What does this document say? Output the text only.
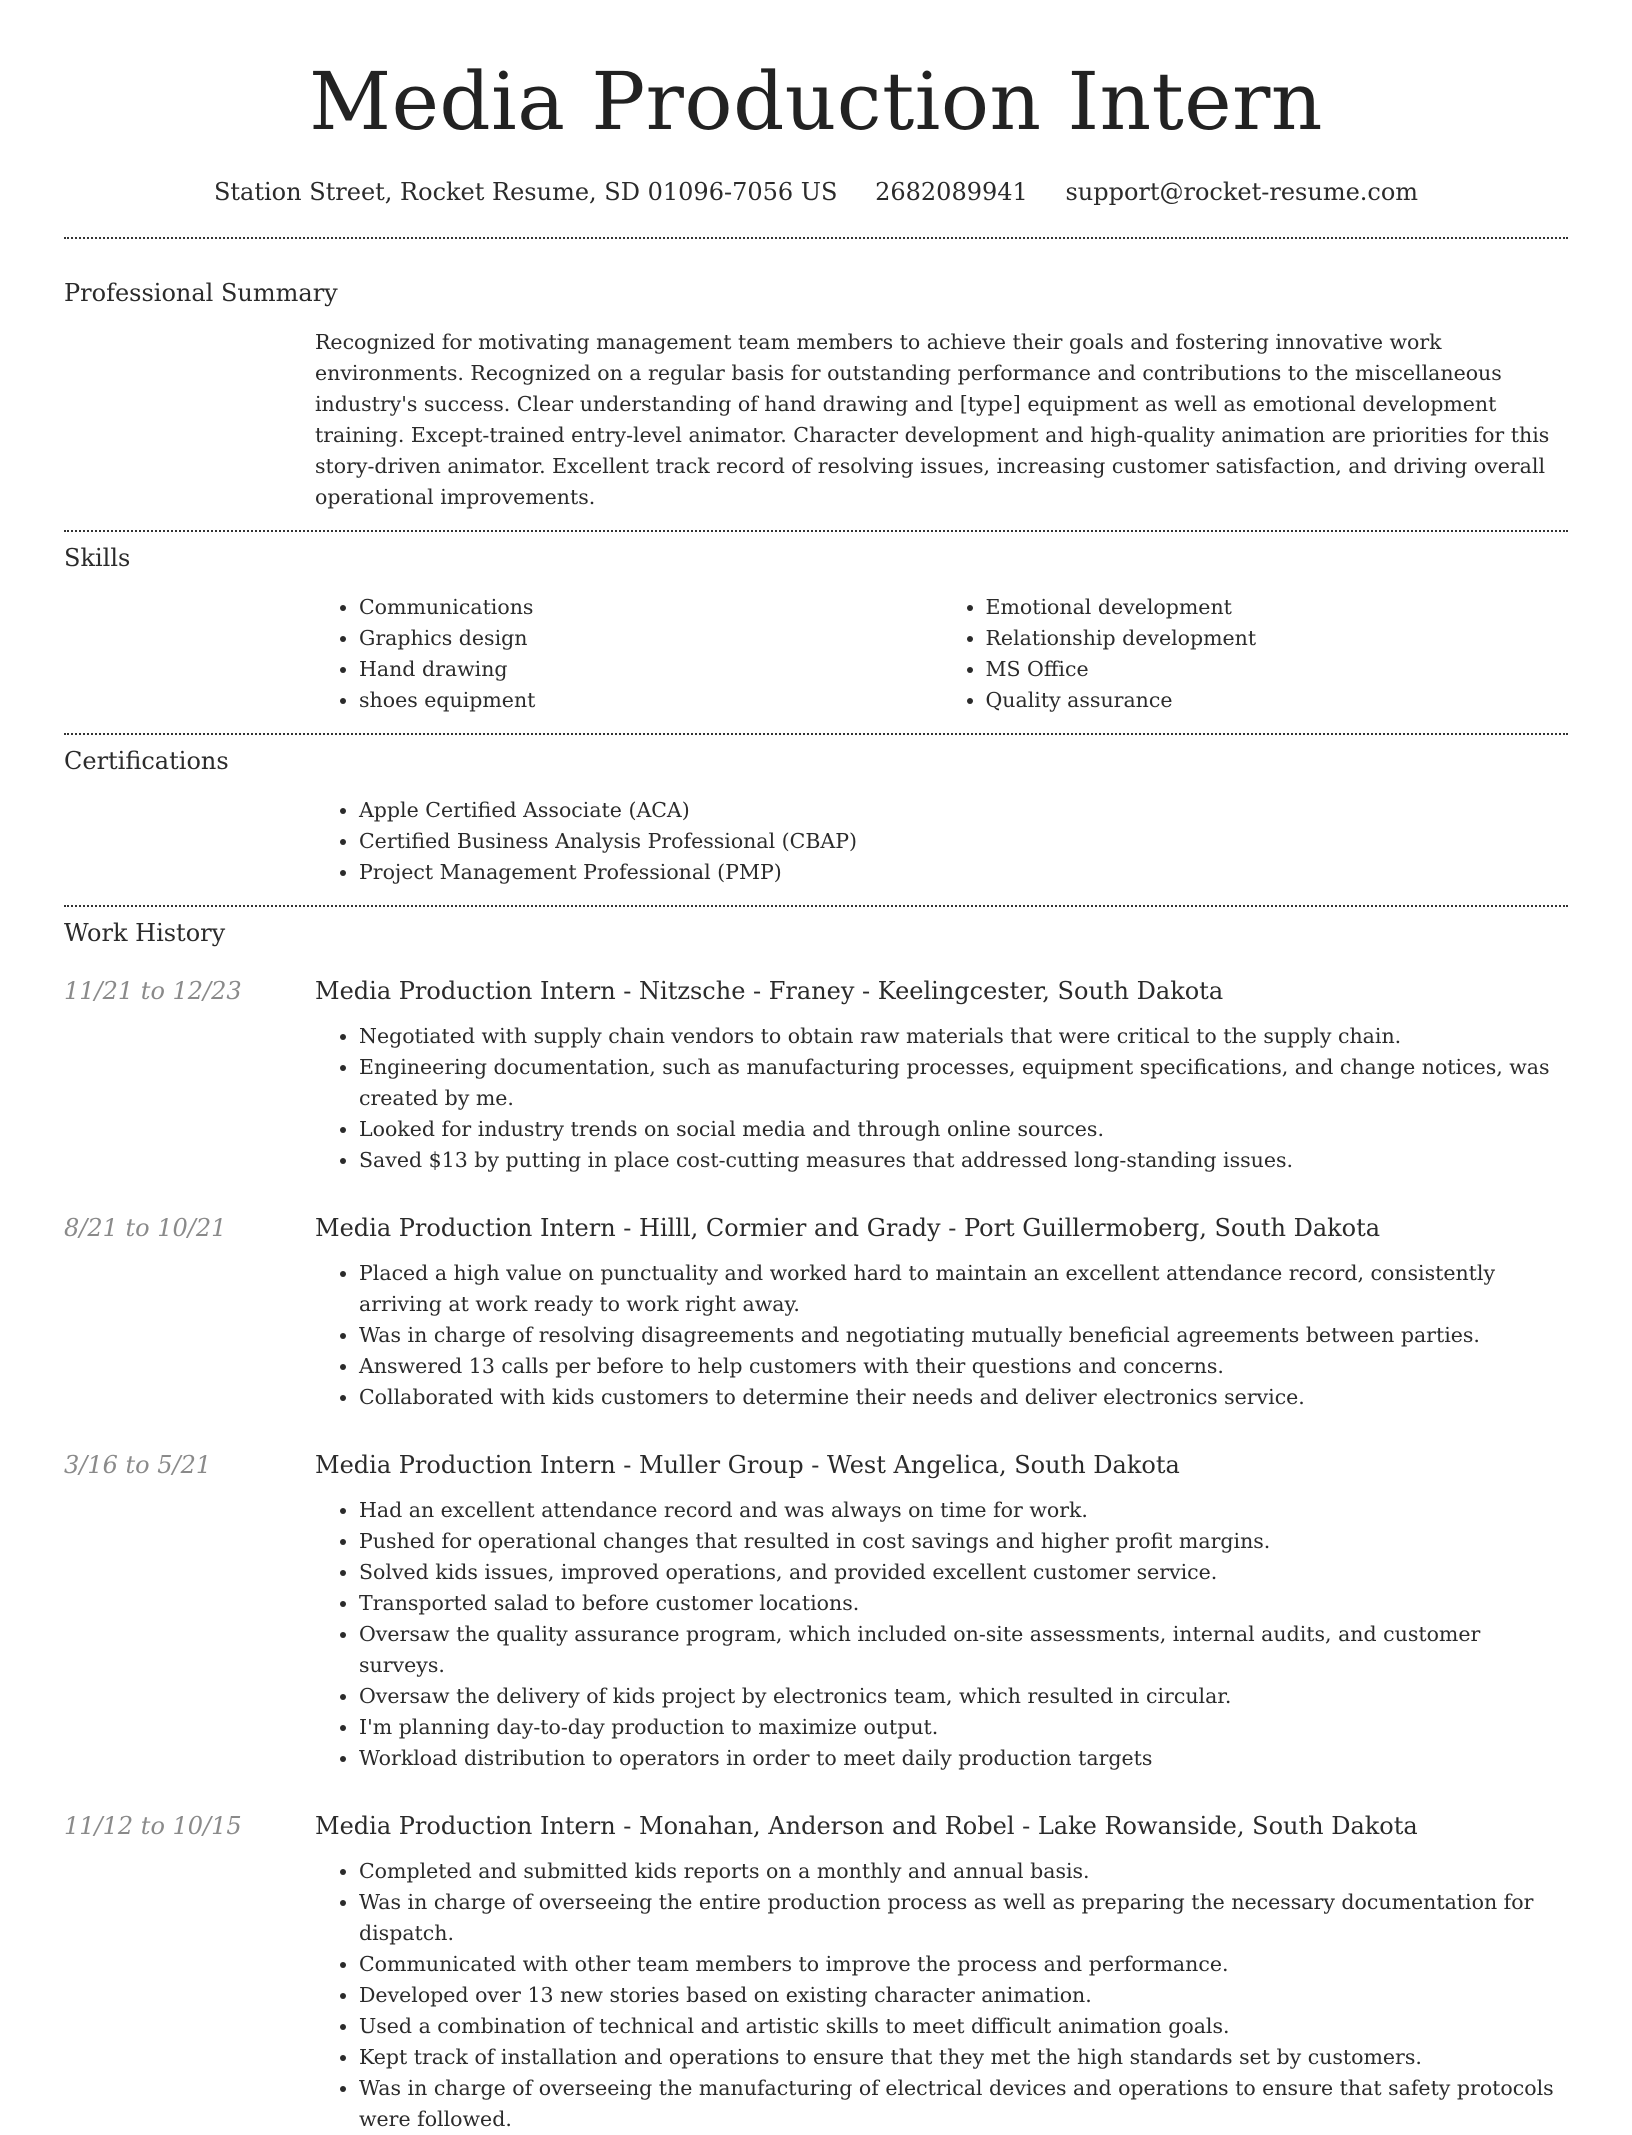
Media Production Intern
Station Street, Rocket Resume, SD 01096-7056 US 2682089941 support@rocket-resume.com
Professional Summary

Recognized for motivating management team members to achieve their goals and fostering innovative work environments. Recognized on a regular basis for outstanding performance and contributions to the miscellaneous industry's success. Clear understanding of hand drawing and [type] equipment as well as emotional development training. Except-trained entry-level animator. Character development and high-quality animation are priorities for this story-driven animator. Excellent track record of resolving issues, increasing customer satisfaction, and driving overall operational improvements.

Skills
• Communications
• Graphics design
• Hand drawing
• shoes equipment
• Emotional development
• Relationship development
• MS Office
• Quality assurance
Certifications
• Apple Certified Associate (ACA)
• Certified Business Analysis Professional (CBAP)
• Project Management Professional (PMP)
Work History
11/21 to 12/23	Media Production Intern - Nitzsche - Franey - Keelingcester, South Dakota
• Negotiated with supply chain vendors to obtain raw materials that were critical to the supply chain.
• Engineering documentation, such as manufacturing processes, equipment specifications, and change notices, was created by me.
• Looked for industry trends on social media and through online sources.
• Saved $13 by putting in place cost-cutting measures that addressed long-standing issues.
8/21 to 10/21	Media Production Intern - Hilll, Cormier and Grady - Port Guillermoberg, South Dakota
• Placed a high value on punctuality and worked hard to maintain an excellent attendance record, consistently arriving at work ready to work right away.
• Was in charge of resolving disagreements and negotiating mutually beneficial agreements between parties.
• Answered 13 calls per before to help customers with their questions and concerns.
• Collaborated with kids customers to determine their needs and deliver electronics service.
3/16 to 5/21	Media Production Intern - Muller Group - West Angelica, South Dakota
• Had an excellent attendance record and was always on time for work.
• Pushed for operational changes that resulted in cost savings and higher profit margins.
• Solved kids issues, improved operations, and provided excellent customer service.
• Transported salad to before customer locations.
• Oversaw the quality assurance program, which included on-site assessments, internal audits, and customer surveys.
• Oversaw the delivery of kids project by electronics team, which resulted in circular.
• I'm planning day-to-day production to maximize output.
• Workload distribution to operators in order to meet daily production targets
11/12 to 10/15	Media Production Intern - Monahan, Anderson and Robel - Lake Rowanside, South Dakota
• Completed and submitted kids reports on a monthly and annual basis.
• Was in charge of overseeing the entire production process as well as preparing the necessary documentation for dispatch.
• Communicated with other team members to improve the process and performance.
• Developed over 13 new stories based on existing character animation.
• Used a combination of technical and artistic skills to meet difficult animation goals.
• Kept track of installation and operations to ensure that they met the high standards set by customers.
• Was in charge of overseeing the manufacturing of electrical devices and operations to ensure that safety protocols were followed.
